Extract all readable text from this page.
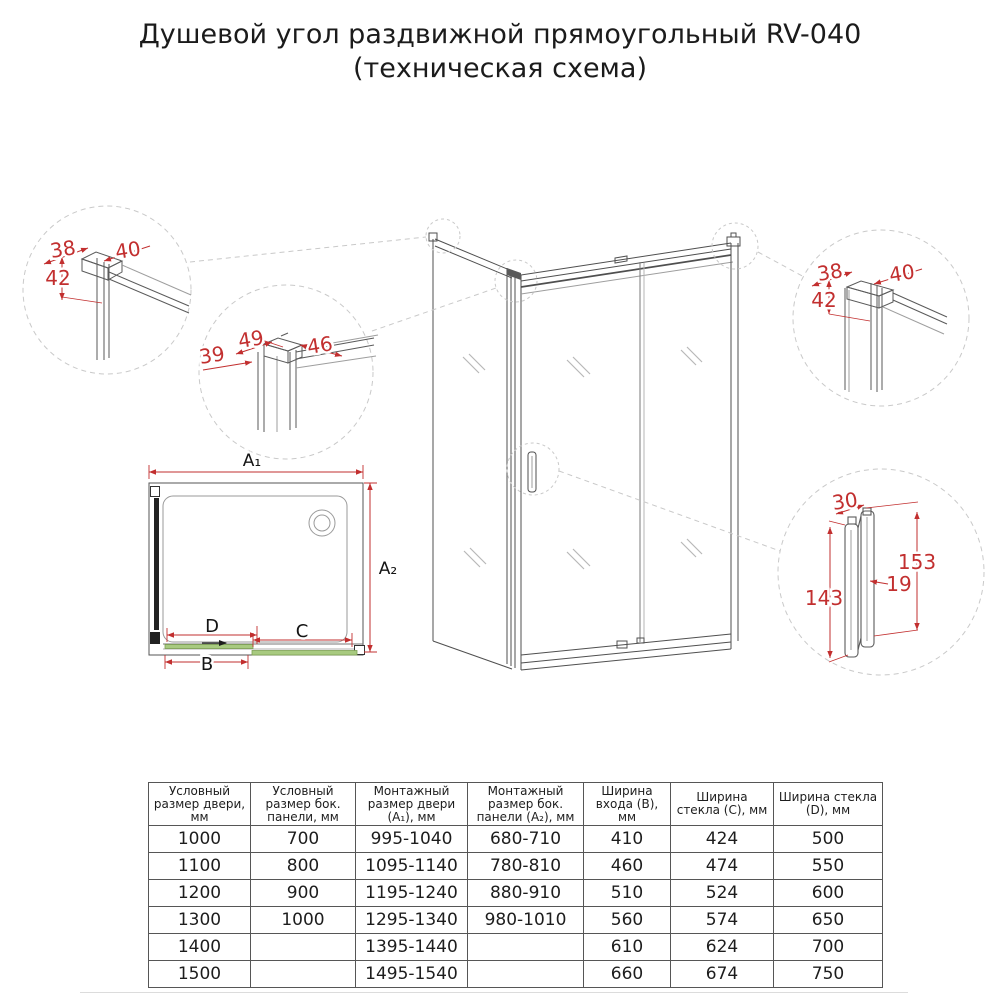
Душевой угол раздвижной прямоугольный RV-040
(техническая схема)
38 40
42
49 46
39
38 40
42
30
153
19
143
A₁
A₂
D	C
B
Условный размер двери, мм	Условный размер бок. панели, мм	Монтажный размер двери (A₁), мм	Монтажный размер бок. панели (A₂), мм	Ширина входа (B), мм	Ширина стекла (C), мм	Ширина стекла (D), мм
1000	700	995-1040	680-710	410	424	500
1100	800	1095-1140	780-810	460	474	550
1200	900	1195-1240	880-910	510	524	600
1300	1000	1295-1340	980-1010	560	574	650
1400		1395-1440		610	624	700
1500		1495-1540		660	674	750
